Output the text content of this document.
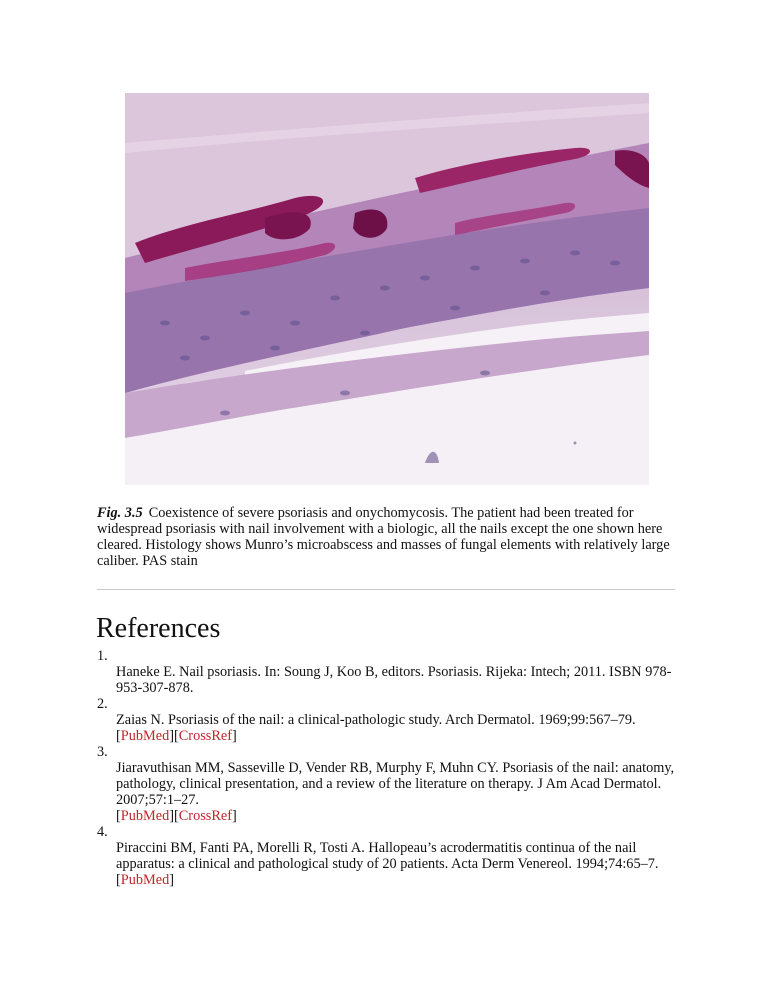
Fig. 3.5 Coexistence of severe psoriasis and onychomycosis. The patient had been treated for widespread psoriasis with nail involvement with a biologic, all the nails except the one shown here cleared. Histology shows Munro’s microabscess and masses of fungal elements with relatively large caliber. PAS stain
References
1.
Haneke E. Nail psoriasis. In: Soung J, Koo B, editors. Psoriasis. Rijeka: Intech; 2011. ISBN 978-953-307-878.
2.
Zaias N. Psoriasis of the nail: a clinical-pathologic study. Arch Dermatol. 1969;99:567–79.
[PubMed][CrossRef]
3.
Jiaravuthisan MM, Sasseville D, Vender RB, Murphy F, Muhn CY. Psoriasis of the nail: anatomy, pathology, clinical presentation, and a review of the literature on therapy. J Am Acad Dermatol. 2007;57:1–27.
[PubMed][CrossRef]
4.
Piraccini BM, Fanti PA, Morelli R, Tosti A. Hallopeau’s acrodermatitis continua of the nail apparatus: a clinical and pathological study of 20 patients. Acta Derm Venereol. 1994;74:65–7.
[PubMed]
